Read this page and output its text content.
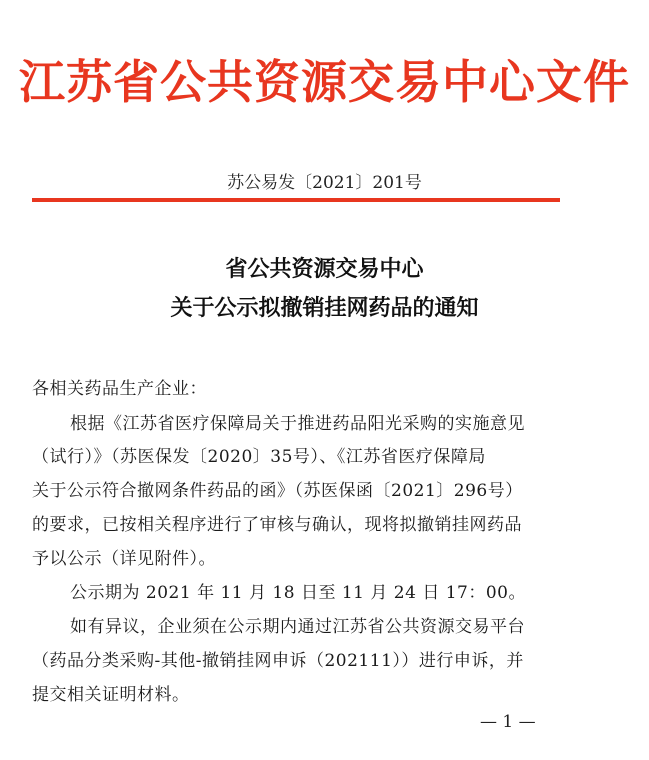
江苏省公共资源交易中心文件
苏公易发〔2021〕201号
省公共资源交易中心
关于公示拟撤销挂网药品的通知
各相关药品生产企业：
根据《江苏省医疗保障局关于推进药品阳光采购的实施意见
（试行）》（苏医保发〔2020〕35号）、《江苏省医疗保障局
关于公示符合撤网条件药品的函》（苏医保函〔2021〕296号）
的要求，已按相关程序进行了审核与确认，现将拟撤销挂网药品
予以公示（详见附件）。
公示期为 2021 年 11 月 18 日至 11 月 24 日 17：00。
如有异议，企业须在公示期内通过江苏省公共资源交易平台
（药品分类采购-其他-撤销挂网申诉（202111））进行申诉，并
提交相关证明材料。
— 1 —
